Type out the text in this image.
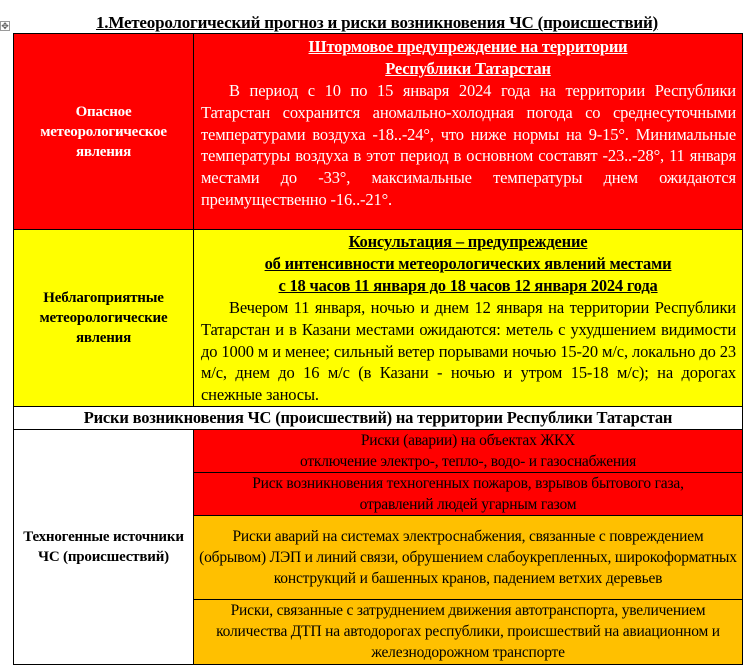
✥	1.Метеорологический прогноз и риски возникновения ЧС (происшествий)
Опасное метеорологическое явления	Штормовое предупреждение на территории
Республики Татарстан
В период с 10 по 15 января 2024 года на территории Республики Татарстан сохранится аномально-холодная погода со среднесуточными температурами воздуха -18..-24°, что ниже нормы на 9-15°. Минимальные температуры воздуха в этот период в основном составят -23..-28°, 11 января местами до -33°, максимальные температуры днем ожидаются преимущественно -16..-21°.

Неблагоприятные метеорологические явления	Консультация – предупреждение
об интенсивности метеорологических явлений местами
с 18 часов 11 января до 18 часов 12 января 2024 года
Вечером 11 января, ночью и днем 12 января на территории Республики Татарстан и в Казани местами ожидаются: метель с ухудшением видимости до 1000 м и менее; сильный ветер порывами ночью 15-20 м/с, локально до 23 м/с, днем до 16 м/с (в Казани - ночью и утром 15-18 м/с); на дорогах снежные заносы.

Риски возникновения ЧС (происшествий) на территории Республики Татарстан	

Техногенные источники ЧС (происшествий)	Риски (аварии) на объектах ЖКХ
отключение электро-, тепло-, водо- и газоснабжения

	Риск возникновения техногенных пожаров, взрывов бытового газа,
отравлений людей угарным газом

	Риски аварий на системах электроснабжения, связанные с повреждением (обрывом) ЛЭП и линий связи, обрушением слабоукрепленных, широкоформатных конструкций и башенных кранов, падением ветхих деревьев

	Риски, связанные с затруднением движения автотранспорта, увеличением количества ДТП на автодорогах республики, происшествий на авиационном и железнодорожном транспорте
